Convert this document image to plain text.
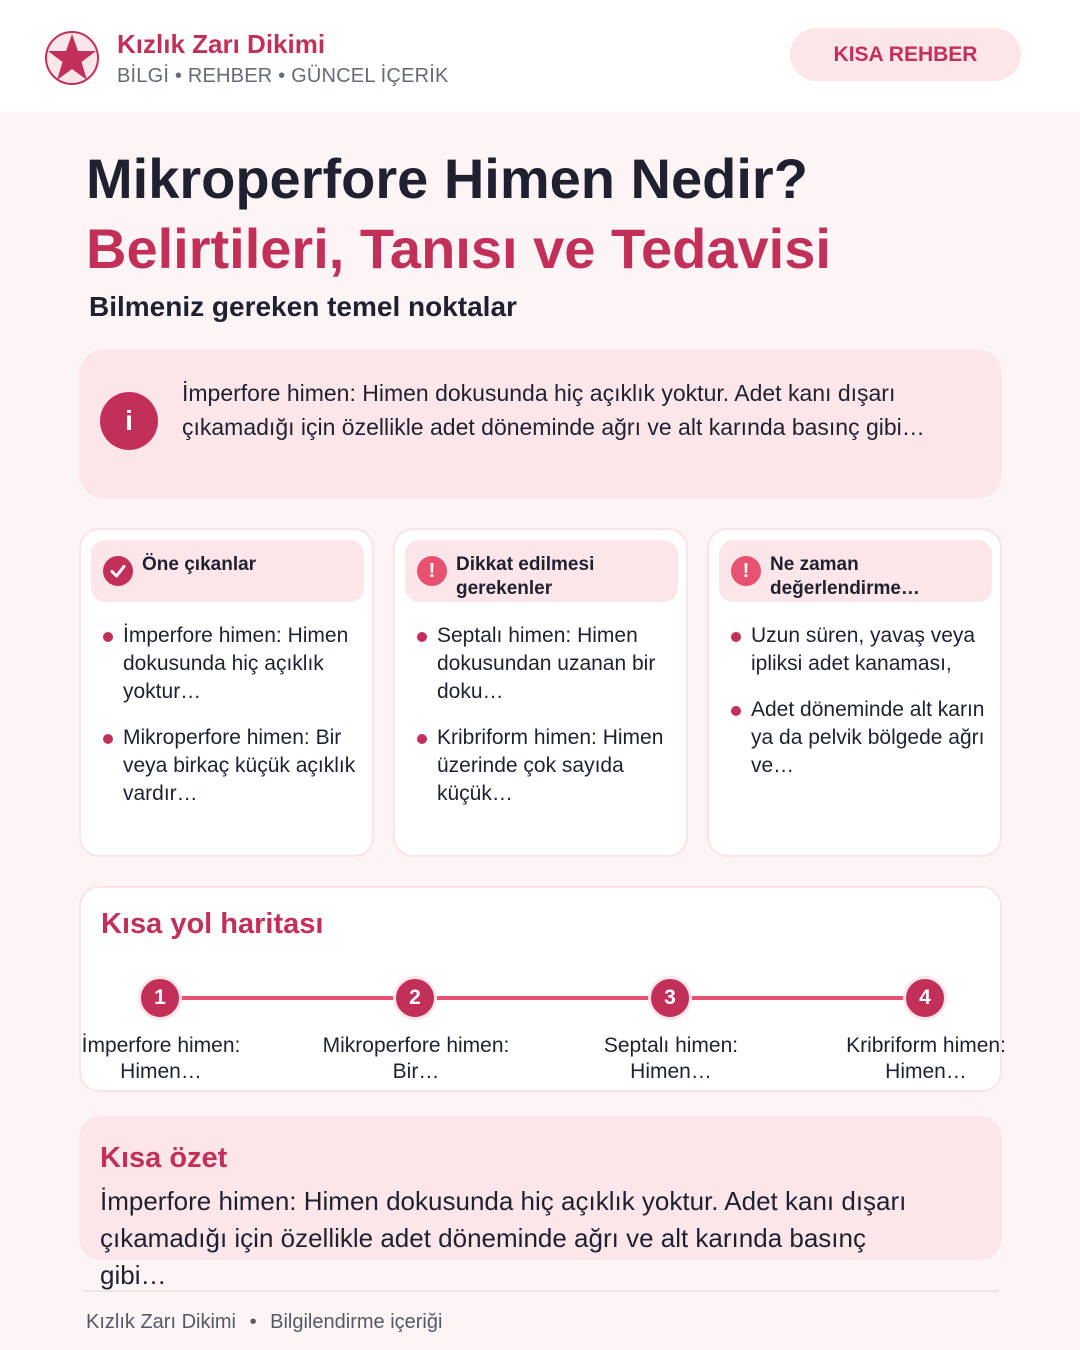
Kızlık Zarı Dikimi
BİLGİ • REHBER • GÜNCEL İÇERİK
KISA REHBER
Mikroperfore Himen Nedir?
Belirtileri, Tanısı ve Tedavisi
Bilmeniz gereken temel noktalar
i
İmperfore himen: Himen dokusunda hiç açıklık yoktur. Adet kanı dışarı çıkamadığı için özellikle adet döneminde ağrı ve alt karında basınç gibi…
Öne çıkanlar
İmperfore himen: Himen dokusunda hiç açıklık yoktur…
Mikroperfore himen: Bir veya birkaç küçük açıklık vardır…
!	Dikkat edilmesi gerekenler
Septalı himen: Himen dokusundan uzanan bir doku…
Kribriform himen: Himen üzerinde çok sayıda küçük…
!	Ne zaman değerlendirme…
Uzun süren, yavaş veya ipliksi adet kanaması,
Adet döneminde alt karın ya da pelvik bölgede ağrı ve…
Kısa yol haritası
1	2	3	4
İmperfore himen: Himen…
Mikroperfore himen: Bir…
Septalı himen: Himen…
Kribriform himen: Himen…
Kısa özet
İmperfore himen: Himen dokusunda hiç açıklık yoktur. Adet kanı dışarı çıkamadığı için özellikle adet döneminde ağrı ve alt karında basınç gibi…
Kızlık Zarı Dikimi • Bilgilendirme içeriği
